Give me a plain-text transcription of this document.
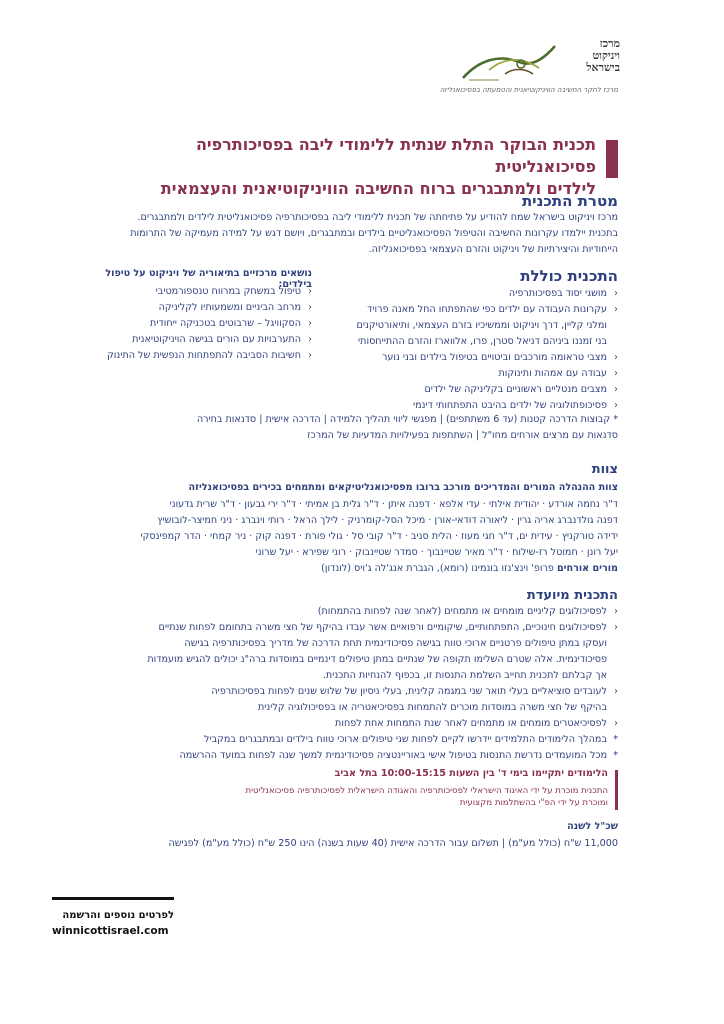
מרכז
ויניקוט
בישראל
מרכז לחקר החשיבה הוויניקוטיאנית והטמעתה בפסיכואנליזה
תכנית הבוקר התלת שנתית ללימודי ליבה בפסיכותרפיה פסיכואנליטית
לילדים ולמתבגרים ברוח החשיבה הוויניקוטיאנית והעצמאית
מטרת התכנית
מרכז ויניקוט בישראל שמח להודיע על פתיחתה של תכנית ללימודי ליבה בפסיכותרפיה פסיכואנליטית לילדים ולמתבגרים.
בתכנית יילמדו עקרונות החשיבה והטיפול הפסיכואנליטיים בילדים ובמתבגרים, ויושם דגש על למידה מעמיקה של התרומות
הייחודיות והיצירתיות של ויניקוט והזרם העצמאי בפסיכואנליזה.
התכנית כוללת
‹ מושגי יסוד בפסיכותרפיה
‹ עקרונות העבודה עם ילדים כפי שהתפתחו החל מאנה פרויד
ומלני קליין, דרך ויניקוט וממשיכיו בזרם העצמאי, ותיאורטיקנים
בני זמננו ביניהם דניאל סטרן, פרו, אלווארז והזרם ההתייחסותי
‹ מצבי טראומה מורכבים וביטויים בטיפול בילדים ובני נוער
‹ עבודה עם אמהות ותינוקות
‹ מצבים מנטליים ראשוניים בקליניקה של ילדים
‹ פסיכופתולוגיה של ילדים בהיבט התפתחותי דינמי
נושאים מרכזיים בתיאוריה של ויניקוט על טיפול בילדים:
‹ טיפול במשחק במרווח טנספורמטיבי
‹ מרחב הביניים ומשמעותיו לקליניקה
‹ הסקוויגל – שרבוטים בטכניקה ייחודית
‹ התערבויות עם הורים בגישה הויניקוטיאנית
‹ חשיבות הסביבה להתפתחות הנפשית של התינוק
* קבוצות הדרכה קטנות (עד 6 משתתפים) | מפגשי ליווי תהליך הלמידה | הדרכה אישית | סדנאות בחירה
סדנאות עם מרצים אורחים מחו"ל | השתתפות בפעילויות המדעיות של המרכז
צוות
צוות ההנהלה המורים והמדריכים מורכב ברובו מפסיכואנליטיקאים ומתמחים בכירים בפסיכואנליזה
ד"ר נחמה אורדע · יהודית אילתי · עדי אלפא · דפנה איתן · ד"ר גלית בן אמיתי · ד"ר ירי גבעון · ד"ר שרית גדעוני
דפנה גולדנברג אריה גרין · ליאורה דודאי-אורן · מיכל הסל-קומרניק · לילך הראל · רותי וינברג · ניני חמיצר-לובושיץ
ידידה טורקניץ · עידית ים, ד"ר חגי מעוז · הלית סניב · ד"ר קובי סל · גולי פורת · דפנה קוק · ניר קמחי · הדר קמפינסקי
יעל רונן · חמוטל רז-שילוח · ד"ר מאיר שטיינבוך · סמדר שטיינבוק · רוני שפירא · יעל שרוני
מורים אורחים פרופ' וינצ'נזו בונמינו (רומא), הגברת אנג'לה ג'ויס (לונדון)
התכנית מיועדת
‹ לפסיכולוגים קליניים מומחים או מתמחים (לאחר שנה לפחות בהתמחות)
‹ לפסיכולוגים חינוכיים, התפתחותיים, שיקומיים ורפואיים אשר עבדו בהיקף של חצי משרה בתחומם לפחות שנתיים
ועסקו במתן טיפולים פרטניים ארוכי טווח בגישה פסיכודינמית תחת הדרכה של מדריך בפסיכותרפיה בגישה
פסיכודינמית. אלה שטרם השלימו תקופה של שנתיים במתן טיפולים דינמיים במוסדות ברה"נ יכולים להגיש מועמדות
אך קבלתם לתכנית תחייב השלמת התנסות זו, בכפוף להנחיות התכנית.
‹ לעובדים סוציאליים בעלי תואר שני במגמה קלינית, בעלי ניסיון של שלוש שנים לפחות בפסיכותרפיה
בהיקף של חצי משרה במוסדות מוכרים להתמחות בפסיכיאטריה או בפסיכולוגיה קלינית
‹ לפסיכיאטרים מומחים או מתמחים לאחר שנת התמחות אחת לפחות
* במהלך הלימודים התלמידים יידרשו לקיים לפחות שני טיפולים ארוכי טווח בילדים ובמתבגרים במקביל
* מכל המועמדים נדרשת התנסות בטיפול אישי באוריינטציה פסיכודינמית למשך שנה לפחות במועד ההרשמה
הלימודים יתקיימו בימי ד' בין השעות 10:00-15:15 בתל אביב
התכנית מוכרת על ידי האיגוד הישראלי לפסיכותרפיה והאגודה הישראלית לפסיכותרפיה פסיכואנליטית
ומוכרת על ידי הפ"י בהשתלמות מקצועית
שכ"ל לשנה
11,000 ש"ח (כולל מע"מ) | תשלום עבור הדרכה אישית (40 שעות בשנה) הינו 250 ש"ח (כולל מע"מ) לפגישה
לפרטים נוספים והרשמה
winnicottisrael.com
